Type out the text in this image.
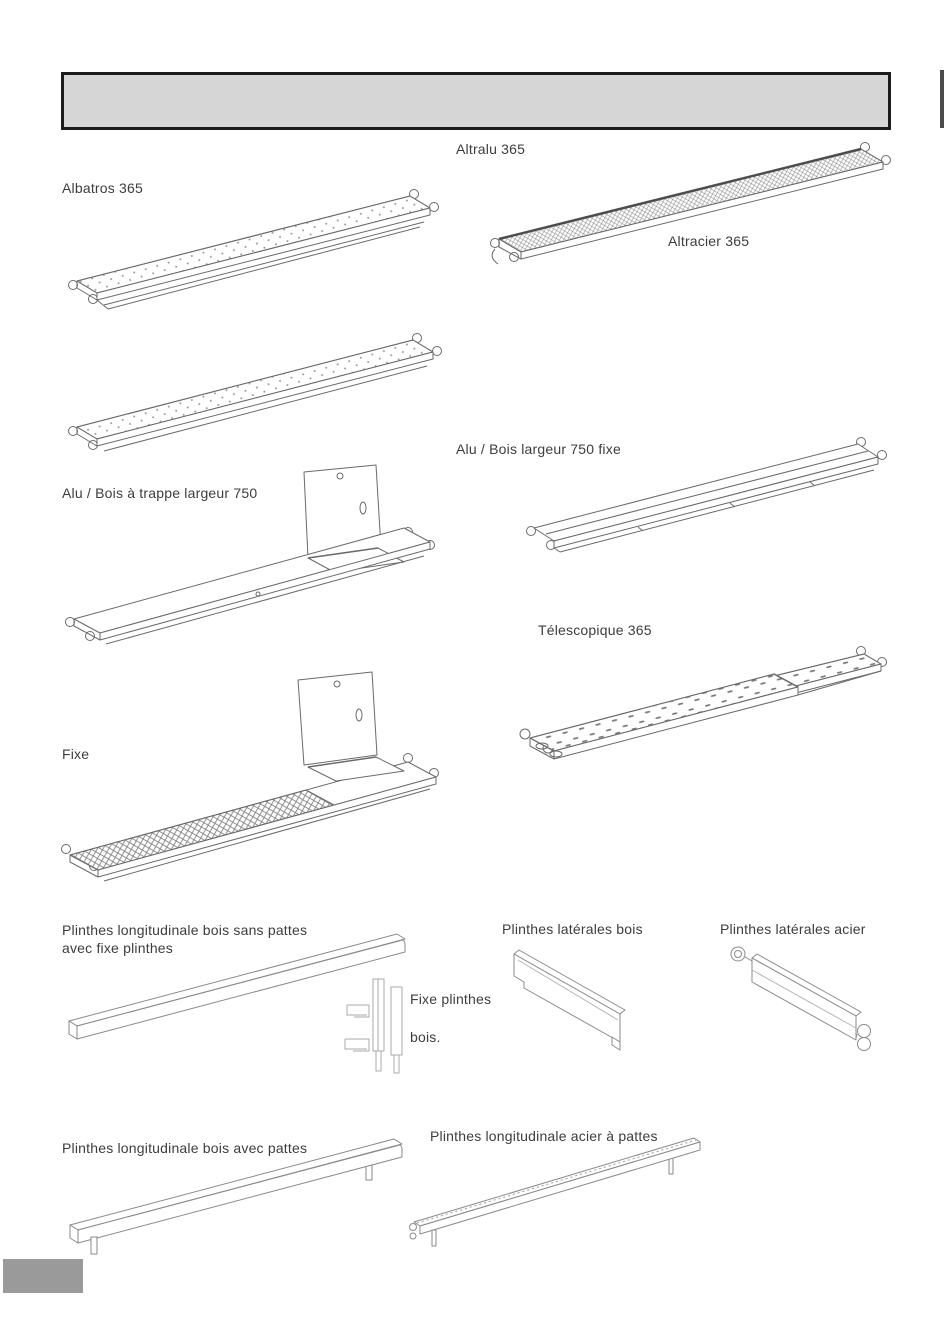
Altralu 365
Albatros 365
Altracier 365
Alu / Bois largeur 750 fixe
Alu / Bois à trappe largeur 750
Télescopique 365
Fixe
Plinthes longitudinale bois sans pattes
avec fixe plinthes
Fixe plinthes
bois.
Plinthes latérales bois	Plinthes latérales acier
Plinthes longitudinale bois avec pattes
Plinthes longitudinale acier à pattes
